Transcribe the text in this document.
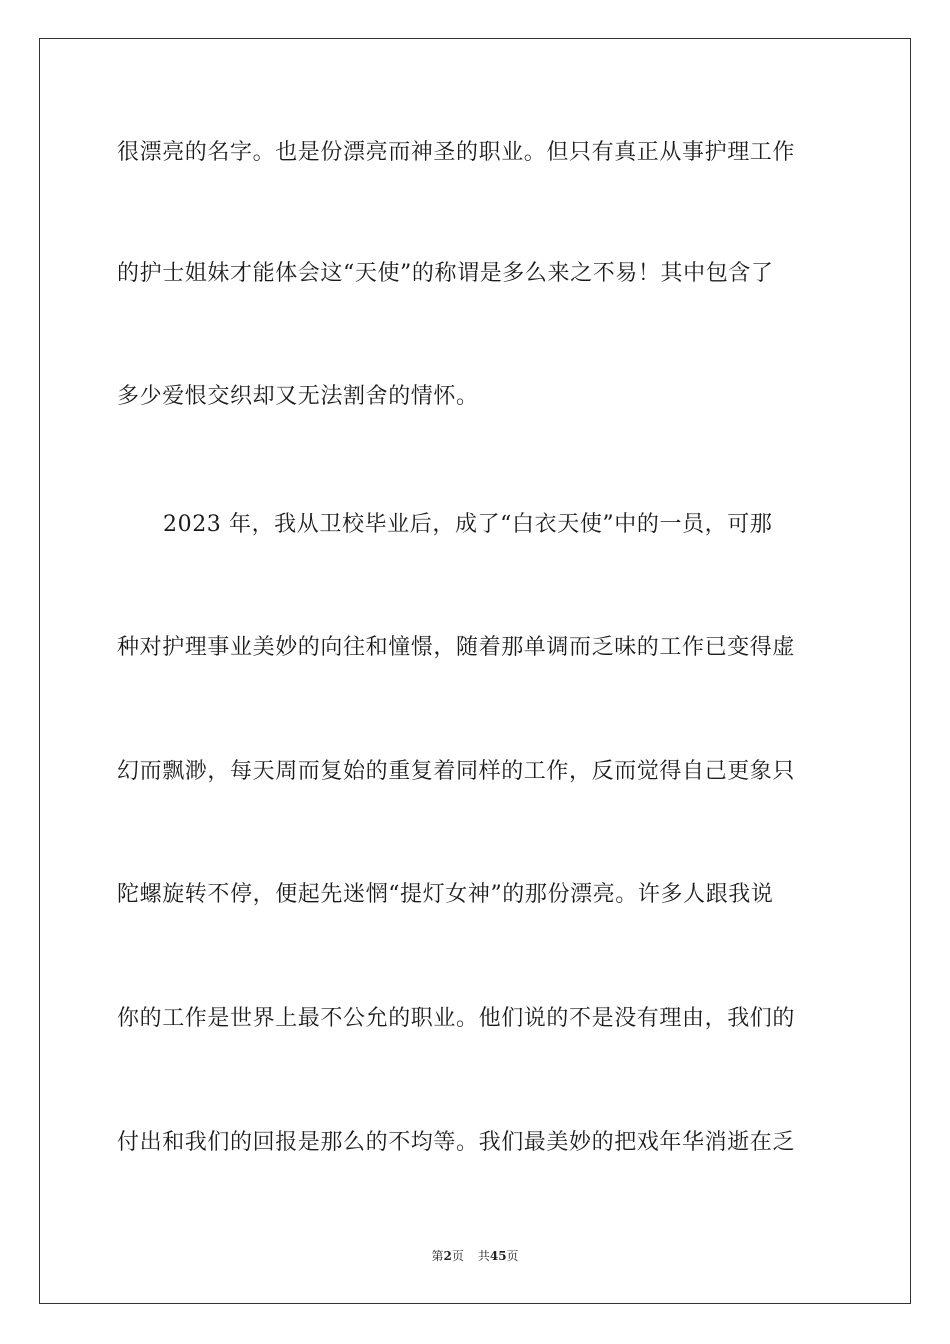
很漂亮的名字。也是份漂亮而神圣的职业。但只有真正从事护理工作
的护士姐妹才能体会这“天使”的称谓是多么来之不易！其中包含了
多少爱恨交织却又无法割舍的情怀。
2023 年，我从卫校毕业后，成了“白衣天使”中的一员，可那
种对护理事业美妙的向往和憧憬，随着那单调而乏味的工作已变得虚
幻而飘渺，每天周而复始的重复着同样的工作，反而觉得自己更象只
陀螺旋转不停，便起先迷惘“提灯女神”的那份漂亮。许多人跟我说
你的工作是世界上最不公允的职业。他们说的不是没有理由，我们的
付出和我们的回报是那么的不均等。我们最美妙的把戏年华消逝在乏
第2页 共45页
